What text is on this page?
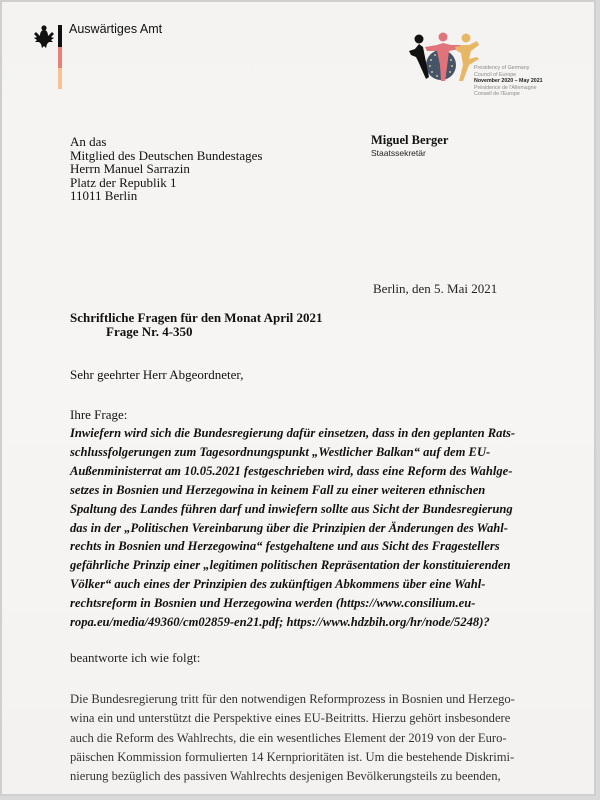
Auswärtiges Amt
Presidency of Germany
Council of Europe
November 2020 – May 2021
Présidence de l'Allemagne
Conseil de l'Europe
An das
Mitglied des Deutschen Bundestages
Herrn Manuel Sarrazin
Platz der Republik 1
11011 Berlin
Miguel Berger
Staatssekretär
Berlin, den 5. Mai 2021
Schriftliche Fragen für den Monat April 2021
Frage Nr. 4-350
Sehr geehrter Herr Abgeordneter,
Ihre Frage:
Inwiefern wird sich die Bundesregierung dafür einsetzen, dass in den geplanten Rats-
schlussfolgerungen zum Tagesordnungspunkt „Westlicher Balkan“ auf dem EU-
Außenministerrat am 10.05.2021 festgeschrieben wird, dass eine Reform des Wahlge-
setzes in Bosnien und Herzegowina in keinem Fall zu einer weiteren ethnischen
Spaltung des Landes führen darf und inwiefern sollte aus Sicht der Bundesregierung
das in der „Politischen Vereinbarung über die Prinzipien der Änderungen des Wahl-
rechts in Bosnien und Herzegowina“ festgehaltene und aus Sicht des Fragestellers
gefährliche Prinzip einer „legitimen politischen Repräsentation der konstituierenden
Völker“ auch eines der Prinzipien des zukünftigen Abkommens über eine Wahl-
rechtsreform in Bosnien und Herzegowina werden (https://www.consilium.eu-
ropa.eu/media/49360/cm02859-en21.pdf; https://www.hdzbih.org/hr/node/5248)?
beantworte ich wie folgt:
Die Bundesregierung tritt für den notwendigen Reformprozess in Bosnien und Herzego-
wina ein und unterstützt die Perspektive eines EU-Beitritts. Hierzu gehört insbesondere
auch die Reform des Wahlrechts, die ein wesentliches Element der 2019 von der Euro-
päischen Kommission formulierten 14 Kernprioritäten ist. Um die bestehende Diskrimi-
nierung bezüglich des passiven Wahlrechts desjenigen Bevölkerungsteils zu beenden,
